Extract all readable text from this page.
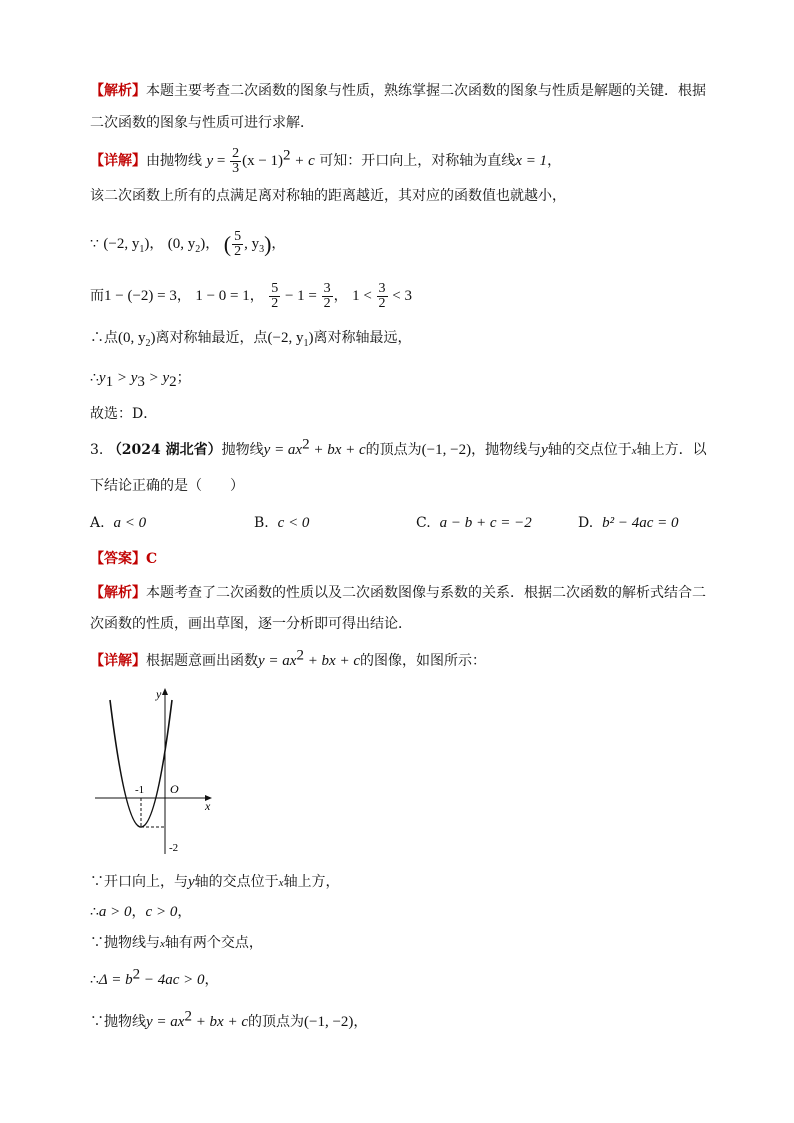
【解析】本题主要考查二次函数的图象与性质，熟练掌握二次函数的图象与性质是解题的关键．根据
二次函数的图象与性质可进行求解．
【详解】由抛物线 $y = \frac{2}{3} (x - 1)^2 + c$ 可知：开口向上，对称轴为直线x = 1，
该二次函数上所有的点满足离对称轴的距离越近，其对应的函数值也就越小，
∵ (−2, $y_1$)， (0, $y_2$)， ( $\frac{5}{2}$ , $y_3$)，
而1 − (−2) = 3， 1 − 0 = 1， $\frac{5}{2} - 1 = \frac{3}{2}$ ， $1 < \frac{3}{2} < 3$
∴点(0, $y_2$)离对称轴最近，点(−2, $y_1$)离对称轴最远，
$\therefore y_1 > y_3 > y_2$；
故选：D．
3. （2024 湖北省）抛物线$y = ax^2$ + bx + c的顶点为(−1, −2)，抛物线与y轴的交点位于x轴上方．以
下结论正确的是（　　）
A. a < 0	B. c < 0	C. a − b + c = −2	D. b² − 4ac = 0
【答案】C
【解析】本题考查了二次函数的性质以及二次函数图像与系数的关系．根据二次函数的解析式结合二
次函数的性质，画出草图，逐一分析即可得出结论．
【详解】根据题意画出函数$y = ax^2$ + bx + c的图像，如图所示：
y
x
O
-1
-2
∵开口向上，与y轴的交点位于x轴上方，
∴a > 0，c > 0，
∵抛物线与x轴有两个交点，
∴Δ = $b^2 - 4ac > 0$，
∵抛物线$y = ax^2$ + bx + c的顶点为(−1, −2)，
